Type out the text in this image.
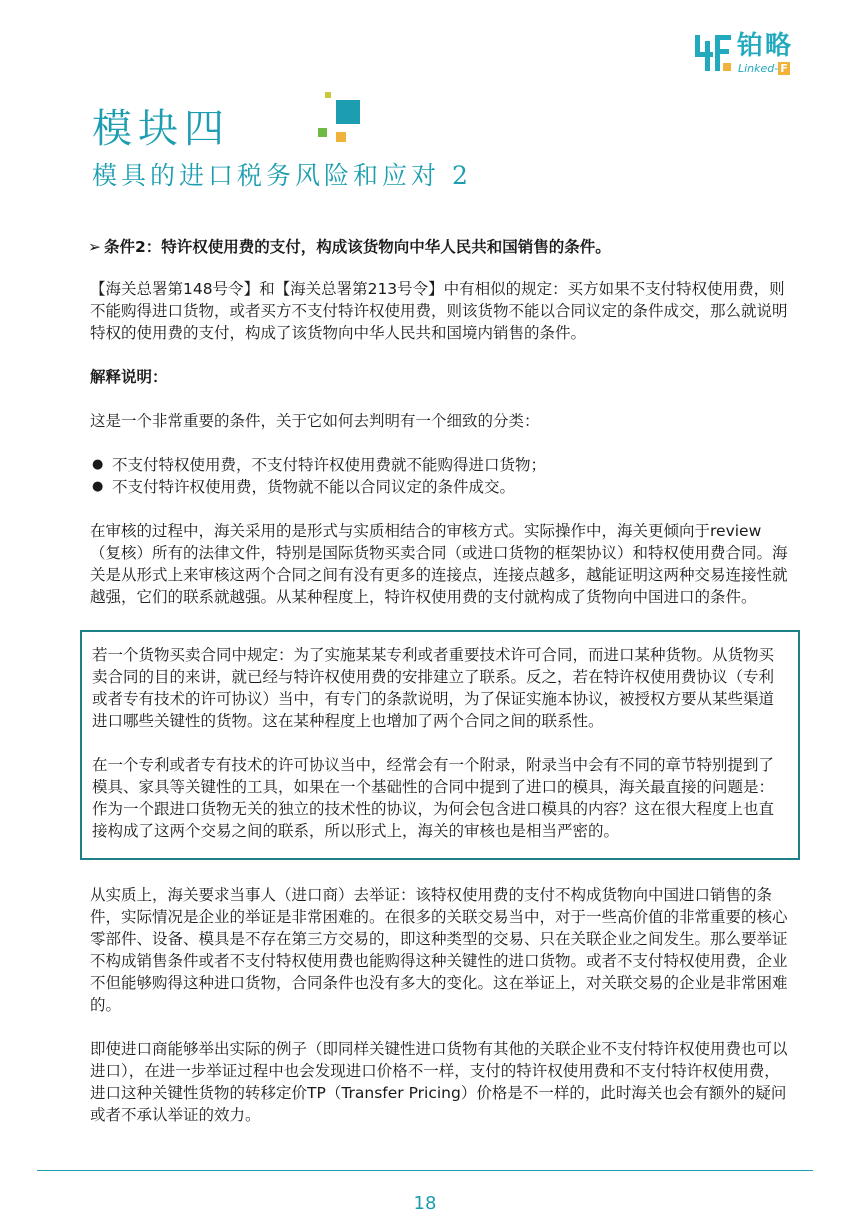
铂略
Linked- F
模块四
模具的进口税务风险和应对 2

➢ 条件2：特许权使用费的支付，构成该货物向中华人民共和国销售的条件。

【海关总署第148号令】和【海关总署第213号令】中有相似的规定：买方如果不支付特权使用费，则不能购得进口货物，或者买方不支付特许权使用费，则该货物不能以合同议定的条件成交，那么就说明特权的使用费的支付，构成了该货物向中华人民共和国境内销售的条件。

解释说明：

这是一个非常重要的条件，关于它如何去判明有一个细致的分类：

● 不支付特权使用费，不支付特许权使用费就不能购得进口货物；
● 不支付特许权使用费，货物就不能以合同议定的条件成交。

在审核的过程中，海关采用的是形式与实质相结合的审核方式。实际操作中，海关更倾向于review（复核）所有的法律文件，特别是国际货物买卖合同（或进口货物的框架协议）和特权使用费合同。海关是从形式上来审核这两个合同之间有没有更多的连接点，连接点越多，越能证明这两种交易连接性就越强，它们的联系就越强。从某种程度上，特许权使用费的支付就构成了货物向中国进口的条件。

若一个货物买卖合同中规定：为了实施某某专利或者重要技术许可合同，而进口某种货物。从货物买卖合同的目的来讲，就已经与特许权使用费的安排建立了联系。反之，若在特许权使用费协议（专利或者专有技术的许可协议）当中，有专门的条款说明，为了保证实施本协议，被授权方要从某些渠道进口哪些关键性的货物。这在某种程度上也增加了两个合同之间的联系性。

在一个专利或者专有技术的许可协议当中，经常会有一个附录，附录当中会有不同的章节特别提到了模具、家具等关键性的工具，如果在一个基础性的合同中提到了进口的模具，海关最直接的问题是：作为一个跟进口货物无关的独立的技术性的协议，为何会包含进口模具的内容？这在很大程度上也直接构成了这两个交易之间的联系，所以形式上，海关的审核也是相当严密的。

从实质上，海关要求当事人（进口商）去举证：该特权使用费的支付不构成货物向中国进口销售的条件，实际情况是企业的举证是非常困难的。在很多的关联交易当中，对于一些高价值的非常重要的核心零部件、设备、模具是不存在第三方交易的，即这种类型的交易、只在关联企业之间发生。那么要举证不构成销售条件或者不支付特权使用费也能购得这种关键性的进口货物。或者不支付特权使用费，企业不但能够购得这种进口货物，合同条件也没有多大的变化。这在举证上，对关联交易的企业是非常困难的。

即使进口商能够举出实际的例子（即同样关键性进口货物有其他的关联企业不支付特许权使用费也可以进口），在进一步举证过程中也会发现进口价格不一样，支付的特许权使用费和不支付特许权使用费，进口这种关键性货物的转移定价TP（Transfer Pricing）价格是不一样的，此时海关也会有额外的疑问或者不承认举证的效力。

18
